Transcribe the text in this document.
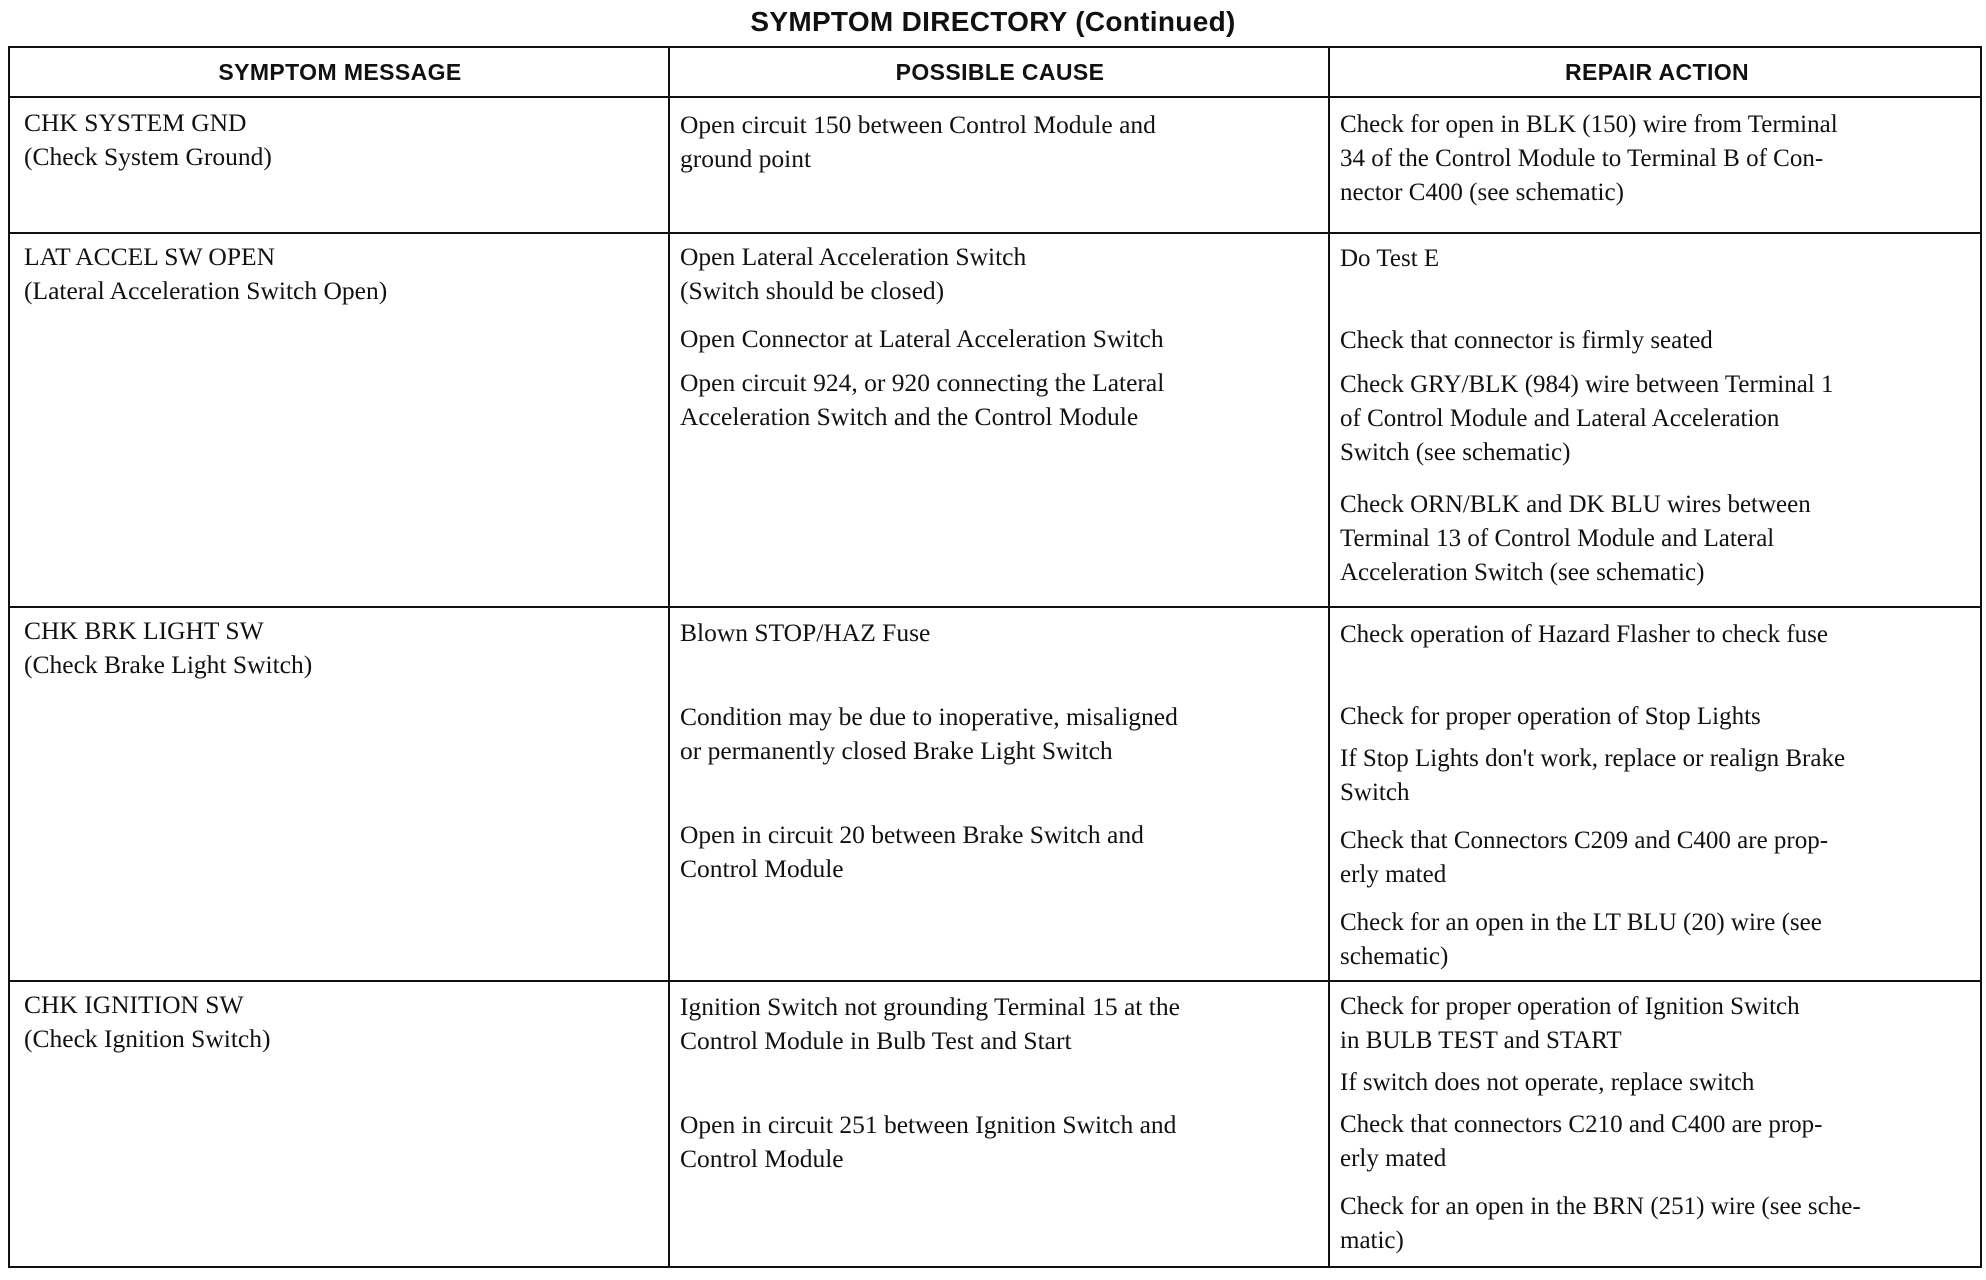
SYMPTOM DIRECTORY (Continued)
SYMPTOM MESSAGE	POSSIBLE CAUSE	REPAIR ACTION
CHK SYSTEM GND
(Check System Ground)
Open circuit 150 between Control Module and
ground point
Check for open in BLK (150) wire from Terminal
34 of the Control Module to Terminal B of Con-
nector C400 (see schematic)
LAT ACCEL SW OPEN
(Lateral Acceleration Switch Open)
Open Lateral Acceleration Switch
(Switch should be closed)
Open Connector at Lateral Acceleration Switch
Open circuit 924, or 920 connecting the Lateral
Acceleration Switch and the Control Module
Do Test E
Check that connector is firmly seated
Check GRY/BLK (984) wire between Terminal 1
of Control Module and Lateral Acceleration
Switch (see schematic)
Check ORN/BLK and DK BLU wires between
Terminal 13 of Control Module and Lateral
Acceleration Switch (see schematic)
CHK BRK LIGHT SW
(Check Brake Light Switch)
Blown STOP/HAZ Fuse
Condition may be due to inoperative, misaligned
or permanently closed Brake Light Switch
Open in circuit 20 between Brake Switch and
Control Module
Check operation of Hazard Flasher to check fuse
Check for proper operation of Stop Lights
If Stop Lights don't work, replace or realign Brake
Switch
Check that Connectors C209 and C400 are prop-
erly mated
Check for an open in the LT BLU (20) wire (see
schematic)
CHK IGNITION SW
(Check Ignition Switch)
Ignition Switch not grounding Terminal 15 at the
Control Module in Bulb Test and Start
Open in circuit 251 between Ignition Switch and
Control Module
Check for proper operation of Ignition Switch
in BULB TEST and START
If switch does not operate, replace switch
Check that connectors C210 and C400 are prop-
erly mated
Check for an open in the BRN (251) wire (see sche-
matic)
